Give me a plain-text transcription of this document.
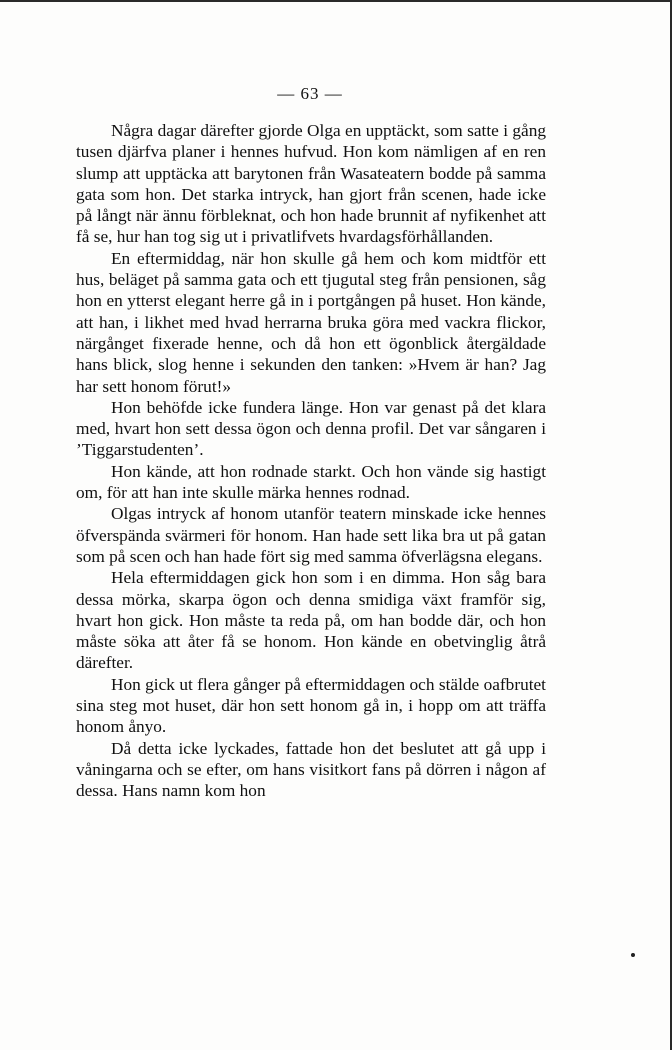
— 63 —

Några dagar därefter gjorde Olga en upptäckt, som satte i gång tusen djärfva planer i hennes hufvud. Hon kom nämligen af en ren slump att upptäcka att barytonen från Wasateatern bodde på samma gata som hon. Det starka intryck, han gjort från scenen, hade icke på långt när ännu förbleknat, och hon hade brunnit af nyfikenhet att få se, hur han tog sig ut i privatlifvets hvardagsförhållanden.

En eftermiddag, när hon skulle gå hem och kom midtför ett hus, beläget på samma gata och ett tjugutal steg från pensionen, såg hon en ytterst elegant herre gå in i portgången på huset. Hon kände, att han, i likhet med hvad herrarna bruka göra med vackra flickor, närgånget fixerade henne, och då hon ett ögonblick återgäldade hans blick, slog henne i sekunden den tanken: »Hvem är han? Jag har sett honom förut!»

Hon behöfde icke fundera länge. Hon var genast på det klara med, hvart hon sett dessa ögon och denna profil. Det var sångaren i ’Tiggarstudenten’.

Hon kände, att hon rodnade starkt. Och hon vände sig hastigt om, för att han inte skulle märka hennes rodnad.

Olgas intryck af honom utanför teatern minskade icke hennes öfverspända svärmeri för honom. Han hade sett lika bra ut på gatan som på scen och han hade fört sig med samma öfverlägsna elegans.

Hela eftermiddagen gick hon som i en dimma. Hon såg bara dessa mörka, skarpa ögon och denna smidiga växt framför sig, hvart hon gick. Hon måste ta reda på, om han bodde där, och hon måste söka att åter få se honom. Hon kände en obetvinglig åtrå därefter.

Hon gick ut flera gånger på eftermiddagen och stälde oafbrutet sina steg mot huset, där hon sett honom gå in, i hopp om att träffa honom ånyo.

Då detta icke lyckades, fattade hon det beslutet att gå upp i våningarna och se efter, om hans visitkort fans på dörren i någon af dessa. Hans namn kom hon
